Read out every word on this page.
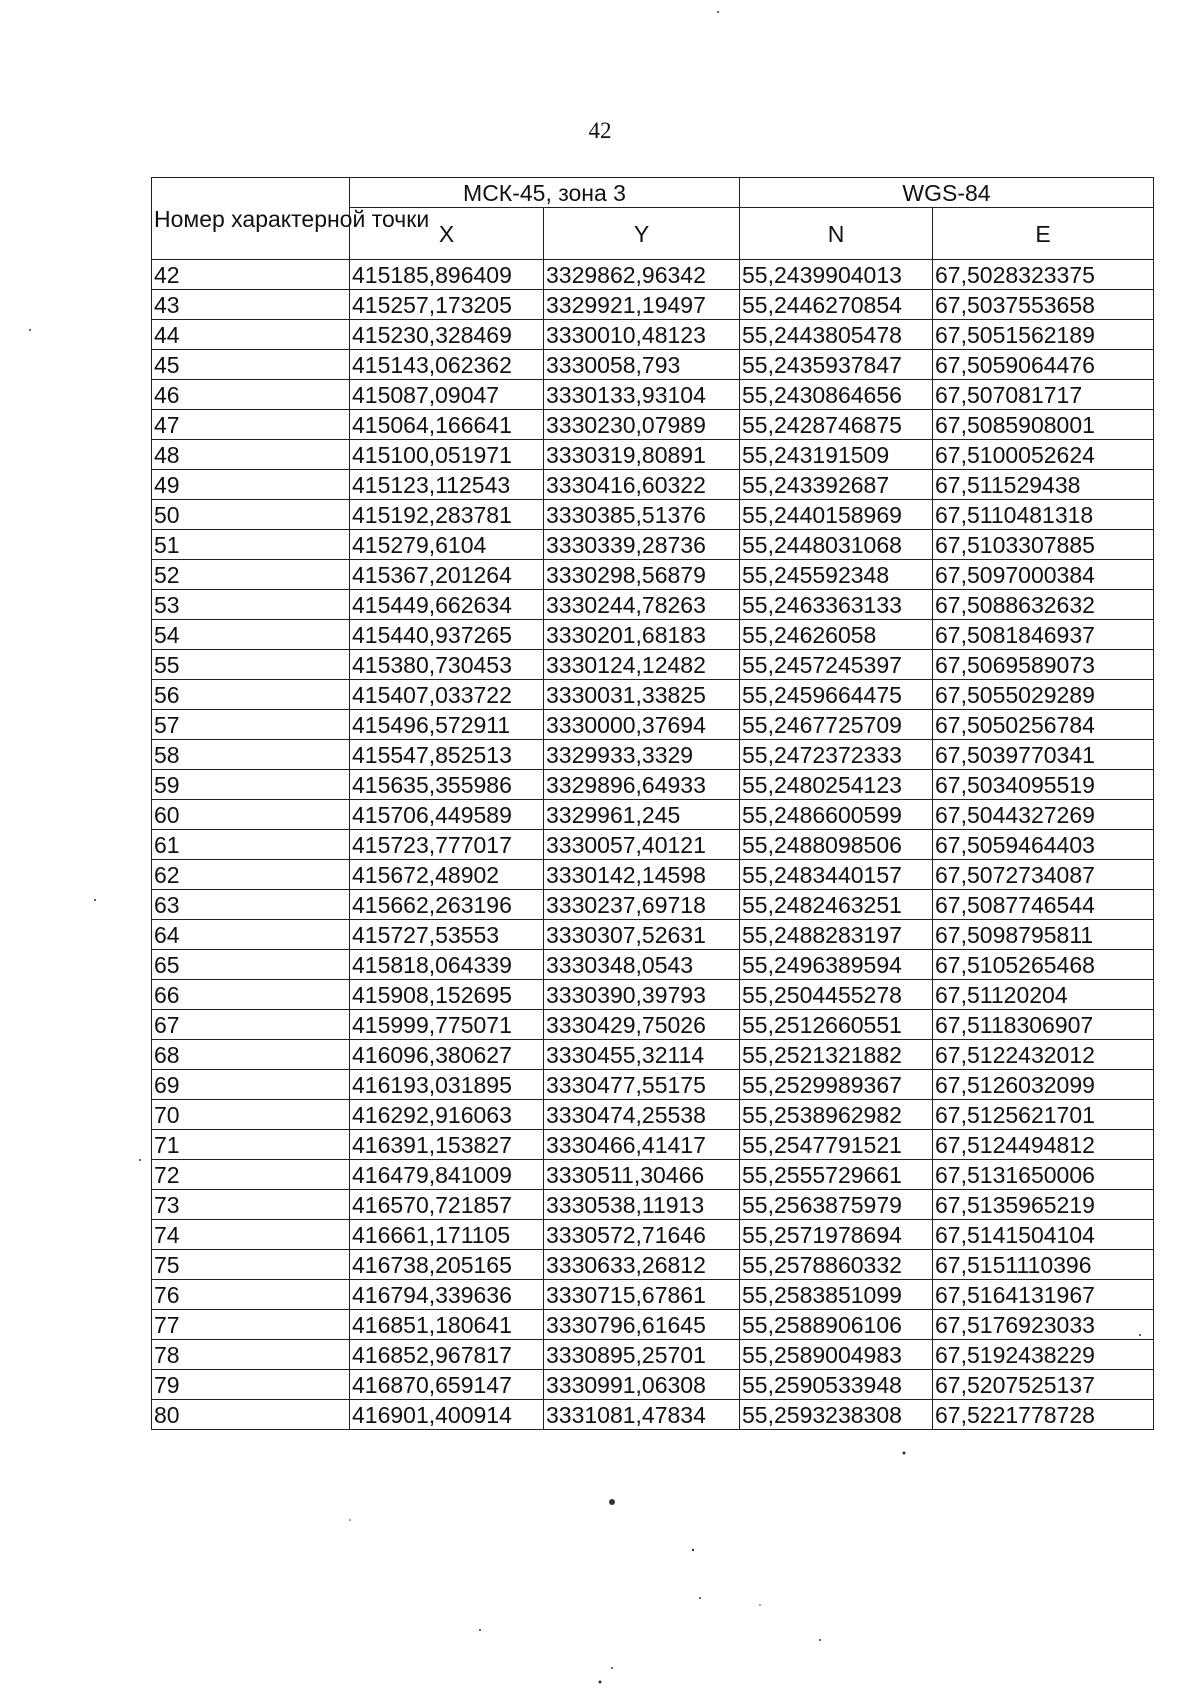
42
Номер характерной точки	МСК-45, зона 3		WGS-84	
	X	Y	N	E
42	415185,896409	3329862,96342	55,2439904013	67,5028323375
43	415257,173205	3329921,19497	55,2446270854	67,5037553658
44	415230,328469	3330010,48123	55,2443805478	67,5051562189
45	415143,062362	3330058,793	55,2435937847	67,5059064476
46	415087,09047	3330133,93104	55,2430864656	67,507081717
47	415064,166641	3330230,07989	55,2428746875	67,5085908001
48	415100,051971	3330319,80891	55,243191509	67,5100052624
49	415123,112543	3330416,60322	55,243392687	67,511529438
50	415192,283781	3330385,51376	55,2440158969	67,5110481318
51	415279,6104	3330339,28736	55,2448031068	67,5103307885
52	415367,201264	3330298,56879	55,245592348	67,5097000384
53	415449,662634	3330244,78263	55,2463363133	67,5088632632
54	415440,937265	3330201,68183	55,24626058	67,5081846937
55	415380,730453	3330124,12482	55,2457245397	67,5069589073
56	415407,033722	3330031,33825	55,2459664475	67,5055029289
57	415496,572911	3330000,37694	55,2467725709	67,5050256784
58	415547,852513	3329933,3329	55,2472372333	67,5039770341
59	415635,355986	3329896,64933	55,2480254123	67,5034095519
60	415706,449589	3329961,245	55,2486600599	67,5044327269
61	415723,777017	3330057,40121	55,2488098506	67,5059464403
62	415672,48902	3330142,14598	55,2483440157	67,5072734087
63	415662,263196	3330237,69718	55,2482463251	67,5087746544
64	415727,53553	3330307,52631	55,2488283197	67,5098795811
65	415818,064339	3330348,0543	55,2496389594	67,5105265468
66	415908,152695	3330390,39793	55,2504455278	67,51120204
67	415999,775071	3330429,75026	55,2512660551	67,5118306907
68	416096,380627	3330455,32114	55,2521321882	67,5122432012
69	416193,031895	3330477,55175	55,2529989367	67,5126032099
70	416292,916063	3330474,25538	55,2538962982	67,5125621701
71	416391,153827	3330466,41417	55,2547791521	67,5124494812
72	416479,841009	3330511,30466	55,2555729661	67,5131650006
73	416570,721857	3330538,11913	55,2563875979	67,5135965219
74	416661,171105	3330572,71646	55,2571978694	67,5141504104
75	416738,205165	3330633,26812	55,2578860332	67,5151110396
76	416794,339636	3330715,67861	55,2583851099	67,5164131967
77	416851,180641	3330796,61645	55,2588906106	67,5176923033
78	416852,967817	3330895,25701	55,2589004983	67,5192438229
79	416870,659147	3330991,06308	55,2590533948	67,5207525137
80	416901,400914	3331081,47834	55,2593238308	67,5221778728
